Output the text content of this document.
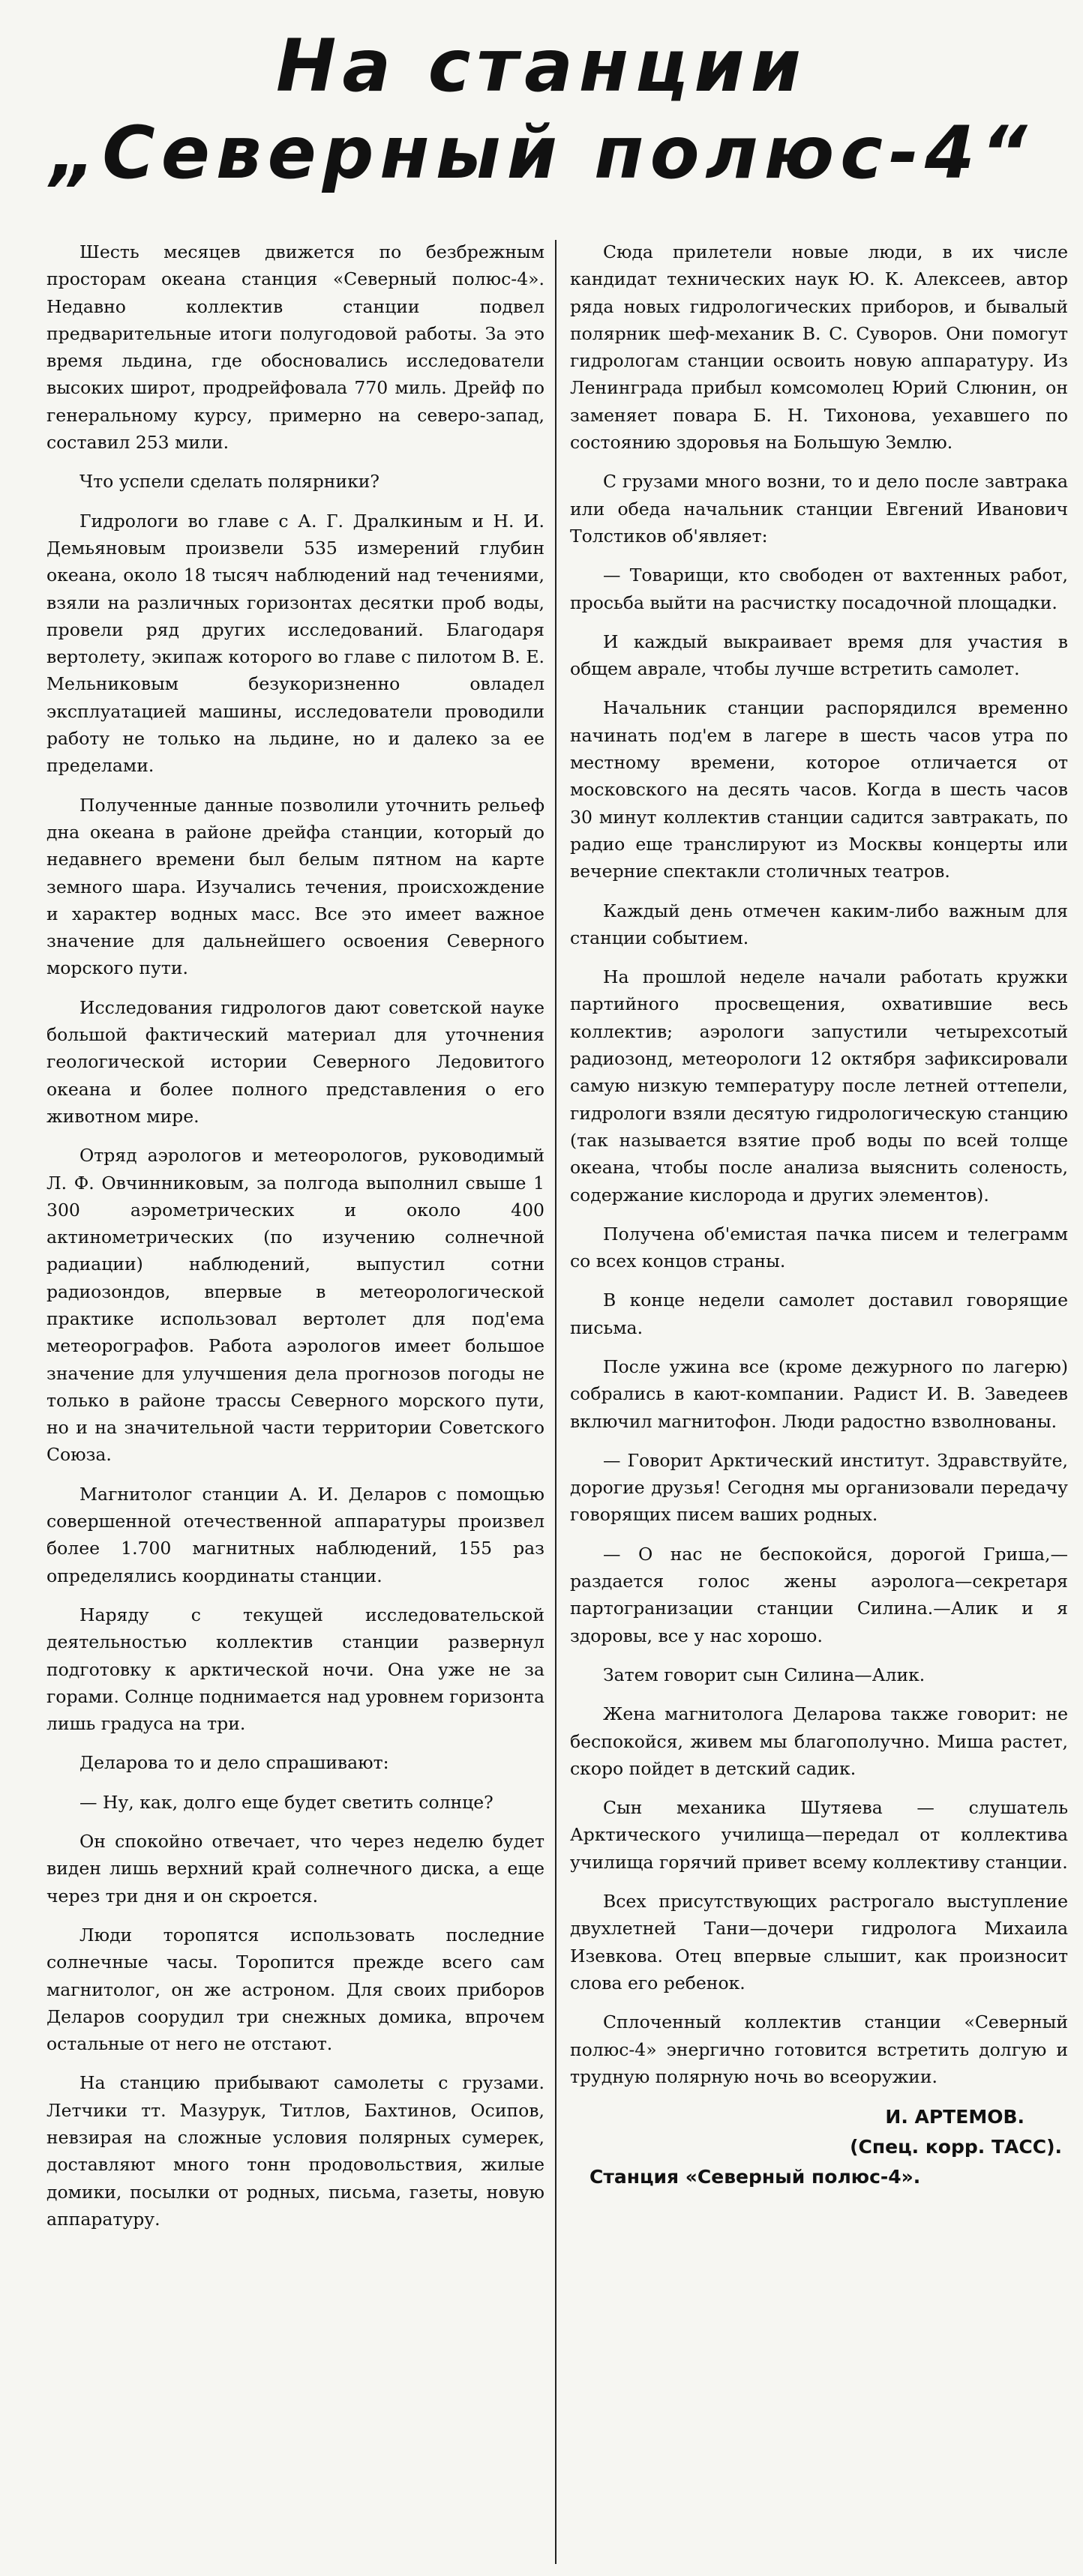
На станции
„Северный полюс-4“

Шесть месяцев движется по безбрежным просторам океана станция «Северный полюс-4». Недавно коллектив станции подвел предварительные итоги полугодовой работы. За это время льдина, где обосновались исследователи высоких широт, продрейфовала 770 миль. Дрейф по генеральному курсу, примерно на северо-запад, составил 253 мили.

Что успели сделать полярники?

Гидрологи во главе с А. Г. Дралкиным и Н. И. Демьяновым произвели 535 измерений глубин океана, около 18 тысяч наблюдений над течениями, взяли на различных горизонтах десятки проб воды, провели ряд других исследований. Благодаря вертолету, экипаж которого во главе с пилотом В. Е. Мельниковым безукоризненно овладел эксплуатацией машины, исследователи проводили работу не только на льдине, но и далеко за ее пределами.

Полученные данные позволили уточнить рельеф дна океана в районе дрейфа станции, который до недавнего времени был белым пятном на карте земного шара. Изучались течения, происхождение и характер водных масс. Все это имеет важное значение для дальнейшего освоения Северного морского пути.

Исследования гидрологов дают советской науке большой фактический материал для уточнения геологической истории Северного Ледовитого океана и более полного представления о его животном мире.

Отряд аэрологов и метеорологов, руководимый Л. Ф. Овчинниковым, за полгода выполнил свыше 1 300 аэрометрических и около 400 актинометрических (по изучению солнечной радиации) наблюдений, выпустил сотни радиозондов, впервые в метеорологической практике использовал вертолет для под'ема метеорографов. Работа аэрологов имеет большое значение для улучшения дела прогнозов погоды не только в районе трассы Северного морского пути, но и на значительной части территории Советского Союза.

Магнитолог станции А. И. Деларов с помощью совершенной отечественной аппаратуры произвел более 1.700 магнитных наблюдений, 155 раз определялись координаты станции.

Наряду с текущей исследовательской деятельностью коллектив станции развернул подготовку к арктической ночи. Она уже не за горами. Солнце поднимается над уровнем горизонта лишь градуса на три.

Деларова то и дело спрашивают:

— Ну, как, долго еще будет светить солнце?

Он спокойно отвечает, что через неделю будет виден лишь верхний край солнечного диска, а еще через три дня и он скроется.

Люди торопятся использовать последние солнечные часы. Торопится прежде всего сам магнитолог, он же астроном. Для своих приборов Деларов соорудил три снежных домика, впрочем остальные от него не отстают.

На станцию прибывают самолеты с грузами. Летчики тт. Мазурук, Титлов, Бахтинов, Осипов, невзирая на сложные условия полярных сумерек, доставляют много тонн продовольствия, жилые домики, посылки от родных, письма, газеты, новую аппаратуру.

Сюда прилетели новые люди, в их числе кандидат технических наук Ю. К. Алексеев, автор ряда новых гидрологических приборов, и бывалый полярник шеф-механик В. С. Суворов. Они помогут гидрологам станции освоить новую аппаратуру. Из Ленинграда прибыл комсомолец Юрий Слюнин, он заменяет повара Б. Н. Тихонова, уехавшего по состоянию здоровья на Большую Землю.

С грузами много возни, то и дело после завтрака или обеда начальник станции Евгений Иванович Толстиков об'являет:

— Товарищи, кто свободен от вахтенных работ, просьба выйти на расчистку посадочной площадки.

И каждый выкраивает время для участия в общем аврале, чтобы лучше встретить самолет.

Начальник станции распорядился временно начинать под'ем в лагере в шесть часов утра по местному времени, которое отличается от московского на десять часов. Когда в шесть часов 30 минут коллектив станции садится завтракать, по радио еще транслируют из Москвы концерты или вечерние спектакли столичных театров.

Каждый день отмечен каким-либо важным для станции событием.

На прошлой неделе начали работать кружки партийного просвещения, охватившие весь коллектив; аэрологи запустили четырехсотый радиозонд, метеорологи 12 октября зафиксировали самую низкую температуру после летней оттепели, гидрологи взяли десятую гидрологическую станцию (так называется взятие проб воды по всей толще океана, чтобы после анализа выяснить соленость, содержание кислорода и других элементов).

Получена об'емистая пачка писем и телеграмм со всех концов страны.

В конце недели самолет доставил говорящие письма.

После ужина все (кроме дежурного по лагерю) собрались в кают-компании. Радист И. В. Заведеев включил магнитофон. Люди радостно взволнованы.

— Говорит Арктический институт. Здравствуйте, дорогие друзья! Сегодня мы организовали передачу говорящих писем ваших родных.

— О нас не беспокойся, дорогой Гриша,—раздается голос жены аэролога—секретаря партогранизации станции Силина.—Алик и я здоровы, все у нас хорошо.

Затем говорит сын Силина—Алик.

Жена магнитолога Деларова также говорит: не беспокойся, живем мы благополучно. Миша растет, скоро пойдет в детский садик.

Сын механика Шутяева — слушатель Арктического училища—передал от коллектива училища горячий привет всему коллективу станции.

Всех присутствующих растрогало выступление двухлетней Тани—дочери гидролога Михаила Изевкова. Отец впервые слышит, как произносит слова его ребенок.

Сплоченный коллектив станции «Северный полюс-4» энергично готовится встретить долгую и трудную полярную ночь во всеоружии.

И. АРТЕМОВ.
(Спец. корр. ТАСС).
Станция «Северный полюс-4».
